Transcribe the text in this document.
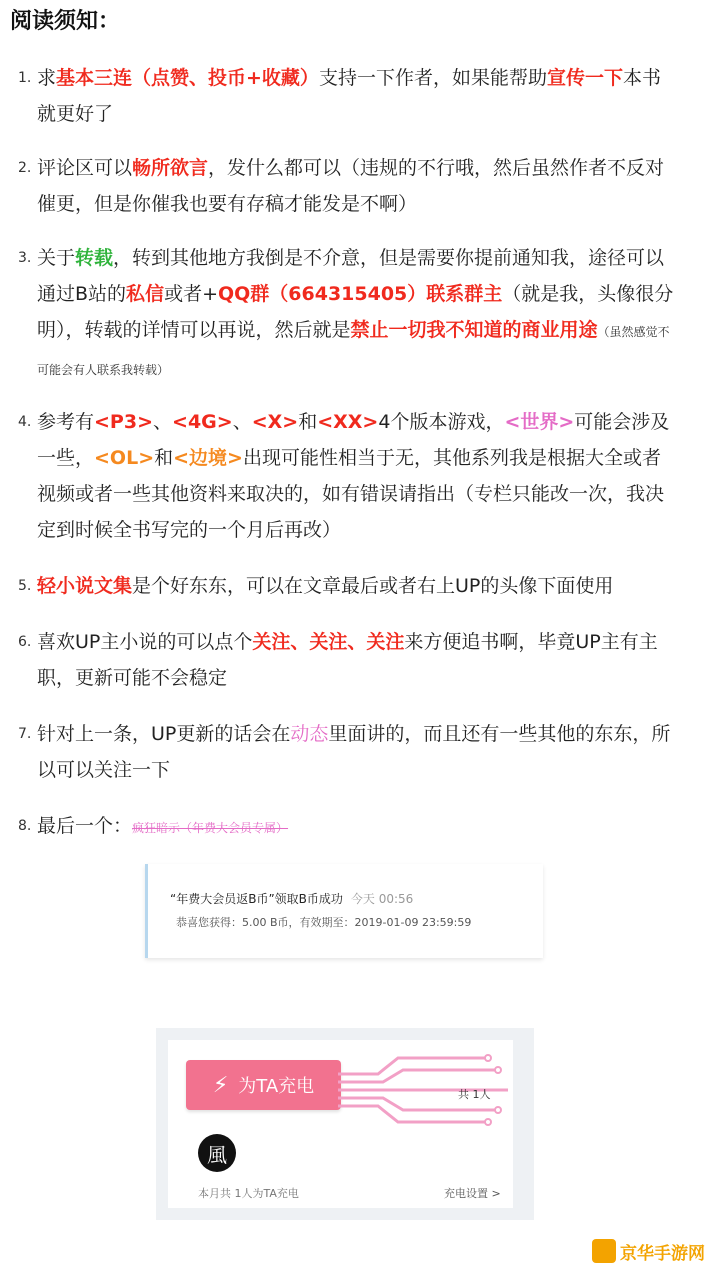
阅读须知：
1. 求基本三连（点赞、投币+收藏）支持一下作者，如果能帮助宣传一下本书就更好了
2. 评论区可以畅所欲言，发什么都可以（违规的不行哦，然后虽然作者不反对催更，但是你催我也要有存稿才能发是不啊）
3. 关于转载，转到其他地方我倒是不介意，但是需要你提前通知我，途径可以通过B站的私信或者+QQ群（664315405）联系群主（就是我，头像很分明），转载的详情可以再说，然后就是禁止一切我不知道的商业用途（虽然感觉不可能会有人联系我转载）
4. 参考有<P3>、<4G>、<X>和<XX>4个版本游戏，<世界>可能会涉及一些，<OL>和<边境>出现可能性相当于无，其他系列我是根据大全或者视频或者一些其他资料来取决的，如有错误请指出（专栏只能改一次，我决定到时候全书写完的一个月后再改）
5. 轻小说文集是个好东东，可以在文章最后或者右上UP的头像下面使用
6. 喜欢UP主小说的可以点个关注、关注、关注来方便追书啊，毕竟UP主有主职，更新可能不会稳定
7. 针对上一条，UP更新的话会在动态里面讲的，而且还有一些其他的东东，所以可以关注一下
8. 最后一个：疯狂暗示（年费大会员专属）
“年费大会员返B币”领取B币成功 今天 00:56
恭喜您获得：5.00 B币，有效期至：2019-01-09 23:59:59
⚡ 为TA充电	共 1人
風
本月共 1人为TA充电	充电设置 >
京华手游网
